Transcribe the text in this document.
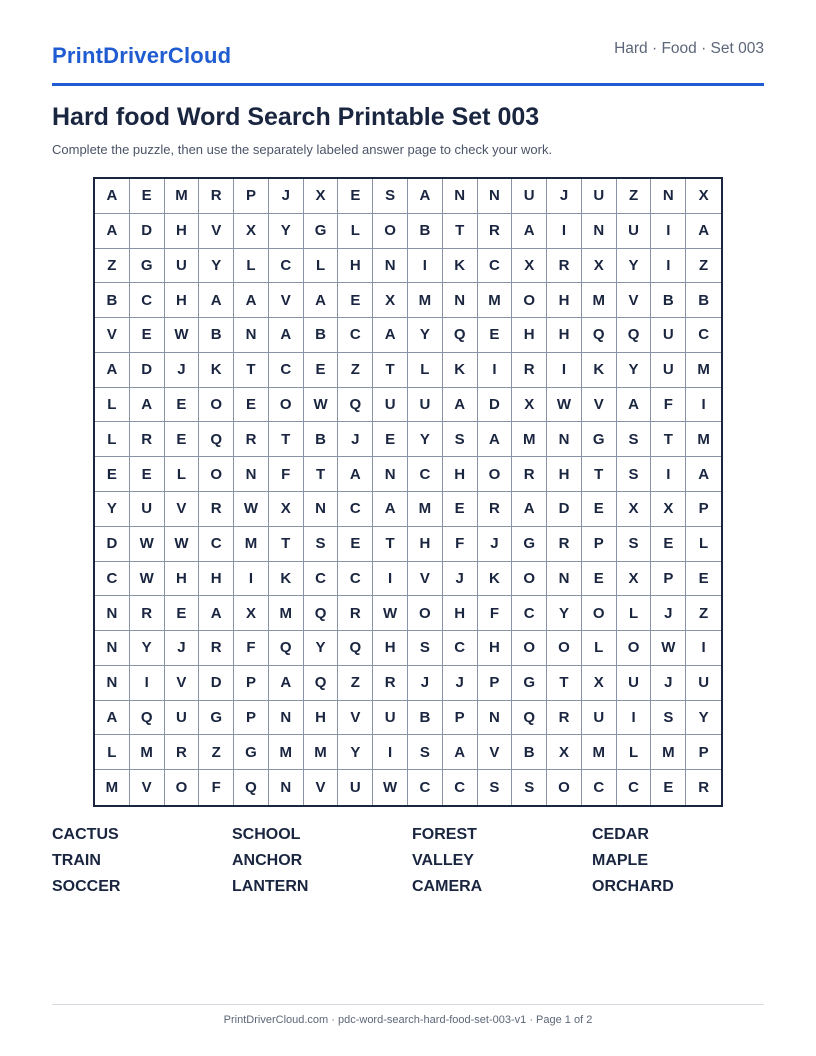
PrintDriverCloud	Hard · Food · Set 003
Hard food Word Search Printable Set 003
Complete the puzzle, then use the separately labeled answer page to check your work.
A	E	M	R	P	J	X	E	S	A	N	N	U	J	U	Z	N	X
A	D	H	V	X	Y	G	L	O	B	T	R	A	I	N	U	I	A
Z	G	U	Y	L	C	L	H	N	I	K	C	X	R	X	Y	I	Z
B	C	H	A	A	V	A	E	X	M	N	M	O	H	M	V	B	B
V	E	W	B	N	A	B	C	A	Y	Q	E	H	H	Q	Q	U	C
A	D	J	K	T	C	E	Z	T	L	K	I	R	I	K	Y	U	M
L	A	E	O	E	O	W	Q	U	U	A	D	X	W	V	A	F	I
L	R	E	Q	R	T	B	J	E	Y	S	A	M	N	G	S	T	M
E	E	L	O	N	F	T	A	N	C	H	O	R	H	T	S	I	A
Y	U	V	R	W	X	N	C	A	M	E	R	A	D	E	X	X	P
D	W	W	C	M	T	S	E	T	H	F	J	G	R	P	S	E	L
C	W	H	H	I	K	C	C	I	V	J	K	O	N	E	X	P	E
N	R	E	A	X	M	Q	R	W	O	H	F	C	Y	O	L	J	Z
N	Y	J	R	F	Q	Y	Q	H	S	C	H	O	O	L	O	W	I
N	I	V	D	P	A	Q	Z	R	J	J	P	G	T	X	U	J	U
A	Q	U	G	P	N	H	V	U	B	P	N	Q	R	U	I	S	Y
L	M	R	Z	G	M	M	Y	I	S	A	V	B	X	M	L	M	P
M	V	O	F	Q	N	V	U	W	C	C	S	S	O	C	C	E	R
CACTUS	SCHOOL	FOREST	CEDAR
TRAIN	ANCHOR	VALLEY	MAPLE
SOCCER	LANTERN	CAMERA	ORCHARD
PrintDriverCloud.com · pdc-word-search-hard-food-set-003-v1 · Page 1 of 2
